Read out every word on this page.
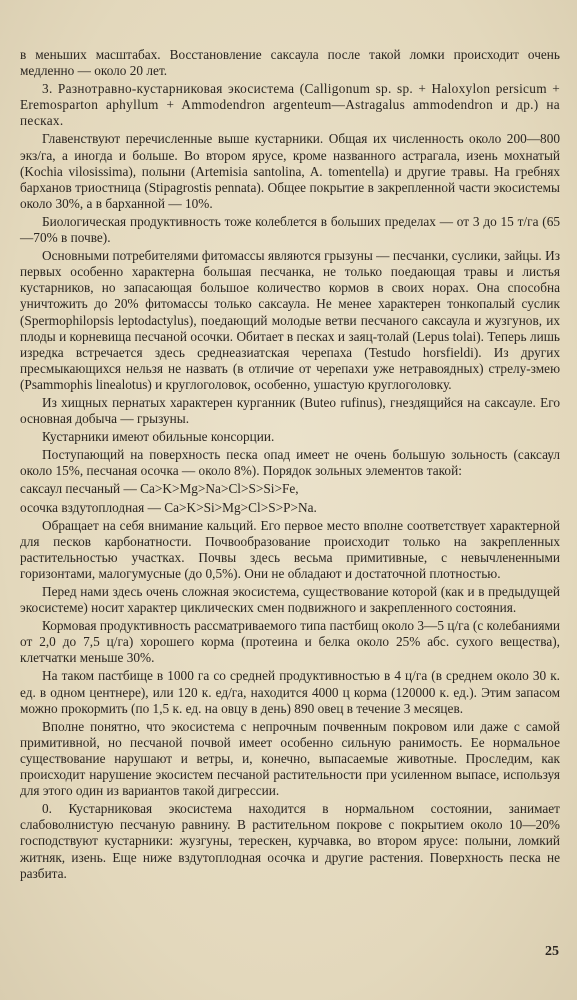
в меньших масштабах. Восстановление саксаула после такой ломки происходит очень медленно — около 20 лет.

3. Разнотравно-кустарниковая экосистема (Calligonum sp. sp. + Haloxylon persicum + Eremosparton aphyllum + Ammodendron argenteum—Astragalus ammodendron и др.) на песках.

Главенствуют перечисленные выше кустарники. Общая их численность около 200—800 экз/га, а иногда и больше. Во втором ярусе, кроме названного астрагала, изень мохнатый (Kochia vilosissima), полыни (Artemisia santolina, A. tomentella) и другие травы. На гребнях барханов триостница (Stipagrostis pennata). Общее покрытие в закрепленной части экосистемы около 30%, а в барханной — 10%.

Биологическая продуктивность тоже колеблется в больших пределах — от 3 до 15 т/га (65—70% в почве).

Основными потребителями фитомассы являются грызуны — песчанки, суслики, зайцы. Из первых особенно характерна большая песчанка, не только поедающая травы и листья кустарников, но запасающая большое количество кормов в своих норах. Она способна уничтожить до 20% фитомассы только саксаула. Не менее характерен тонкопалый суслик (Spermophilopsis leptodactylus), поедающий молодые ветви песчаного саксаула и жузгунов, их плоды и корневища песчаной осочки. Обитает в песках и заяц-толай (Lepus tolai). Теперь лишь изредка встречается здесь среднеазиатская черепаха (Testudo horsfieldi). Из других пресмыкающихся нельзя не назвать (в отличие от черепахи уже нетравоядных) стрелу-змею (Psammophis linealotus) и круглоголовок, особенно, ушастую круглоголовку.

Из хищных пернатых характерен курганник (Buteo rufinus), гнездящийся на саксауле. Его основная добыча — грызуны.

Кустарники имеют обильные консорции.

Поступающий на поверхность песка опад имеет не очень большую зольность (саксаул около 15%, песчаная осочка — около 8%). Порядок зольных элементов такой:

саксаул песчаный — Ca>K>Mg>Na>Cl>S>Si>Fe,

осочка вздутоплодная — Ca>K>Si>Mg>Cl>S>P>Na.

Обращает на себя внимание кальций. Его первое место вполне соответствует характерной для песков карбонатности. Почвообразование происходит только на закрепленных растительностью участках. Почвы здесь весьма примитивные, с невычлененными горизонтами, малогумусные (до 0,5%). Они не обладают и достаточной плотностью.

Перед нами здесь очень сложная экосистема, существование которой (как и в предыдущей экосистеме) носит характер циклических смен подвижного и закрепленного состояния.

Кормовая продуктивность рассматриваемого типа пастбищ около 3—5 ц/га (с колебаниями от 2,0 до 7,5 ц/га) хорошего корма (протеина и белка около 25% абс. сухого вещества), клетчатки меньше 30%.

На таком пастбище в 1000 га со средней продуктивностью в 4 ц/га (в среднем около 30 к. ед. в одном центнере), или 120 к. ед/га, находится 4000 ц корма (120000 к. ед.). Этим запасом можно прокормить (по 1,5 к. ед. на овцу в день) 890 овец в течение 3 месяцев.

Вполне понятно, что экосистема с непрочным почвенным покровом или даже с самой примитивной, но песчаной почвой имеет особенно сильную ранимость. Ее нормальное существование нарушают и ветры, и, конечно, выпасаемые животные. Проследим, как происходит нарушение экосистем песчаной растительности при усиленном выпасе, используя для этого один из вариантов такой дигрессии.

0. Кустарниковая экосистема находится в нормальном состоянии, занимает слабоволнистую песчаную равнину. В растительном покрове с покрытием около 10—20% господствуют кустарники: жузгуны, терескен, курчавка, во втором ярусе: полыни, ломкий житняк, изень. Еще ниже вздутоплодная осочка и другие растения. Поверхность песка не разбита.

25
